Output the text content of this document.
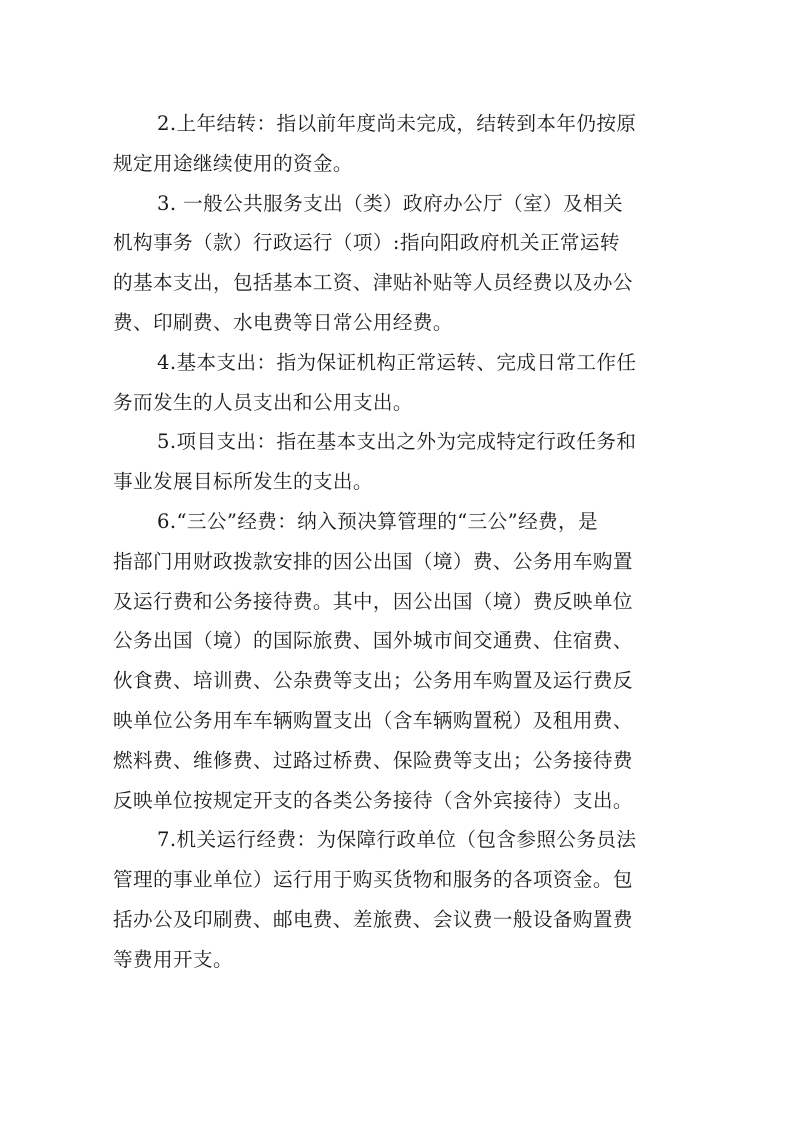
2.上年结转：指以前年度尚未完成，结转到本年仍按原
规定用途继续使用的资金。
3. 一般公共服务支出（类）政府办公厅（室）及相关
机构事务（款）行政运行（项）:指向阳政府机关正常运转
的基本支出，包括基本工资、津贴补贴等人员经费以及办公
费、印刷费、水电费等日常公用经费。
4.基本支出：指为保证机构正常运转、完成日常工作任
务而发生的人员支出和公用支出。
5.项目支出：指在基本支出之外为完成特定行政任务和
事业发展目标所发生的支出。
6.“三公”经费：纳入预决算管理的“三公”经费，是
指部门用财政拨款安排的因公出国（境）费、公务用车购置
及运行费和公务接待费。其中，因公出国（境）费反映单位
公务出国（境）的国际旅费、国外城市间交通费、住宿费、
伙食费、培训费、公杂费等支出；公务用车购置及运行费反
映单位公务用车车辆购置支出（含车辆购置税）及租用费、
燃料费、维修费、过路过桥费、保险费等支出；公务接待费
反映单位按规定开支的各类公务接待（含外宾接待）支出。
7.机关运行经费：为保障行政单位（包含参照公务员法
管理的事业单位）运行用于购买货物和服务的各项资金。包
括办公及印刷费、邮电费、差旅费、会议费一般设备购置费
等费用开支。
